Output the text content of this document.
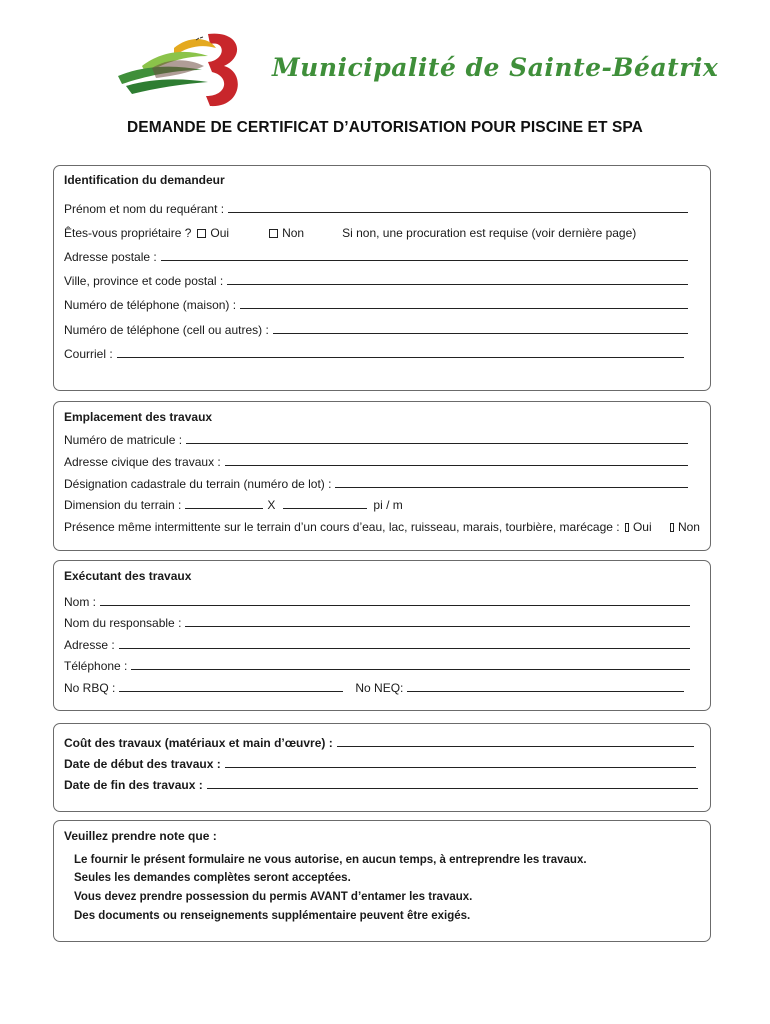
Municipalité de Sainte-Béatrix
DEMANDE DE CERTIFICAT D’AUTORISATION POUR PISCINE ET SPA
Identification du demandeur
Prénom et nom du requérant :
Êtes-vous propriétaire ? Oui	Non	Si non, une procuration est requise (voir dernière page)
Adresse postale :
Ville, province et code postal :
Numéro de téléphone (maison) :
Numéro de téléphone (cell ou autres) :
Courriel :
Emplacement des travaux
Numéro de matricule :
Adresse civique des travaux :
Désignation cadastrale du terrain (numéro de lot) :
Dimension du terrain :	X	pi / m
Présence même intermittente sur le terrain d’un cours d’eau, lac, ruisseau, marais, tourbière, marécage : Oui Non
Exécutant des travaux
Nom :
Nom du responsable :
Adresse :
Téléphone :
No RBQ :	No NEQ:
Coût des travaux (matériaux et main d’œuvre) :
Date de début des travaux :
Date de fin des travaux :
Veuillez prendre note que :
Le fournir le présent formulaire ne vous autorise, en aucun temps, à entreprendre les travaux.
Seules les demandes complètes seront acceptées.
Vous devez prendre possession du permis AVANT d’entamer les travaux.
Des documents ou renseignements supplémentaire peuvent être exigés.
